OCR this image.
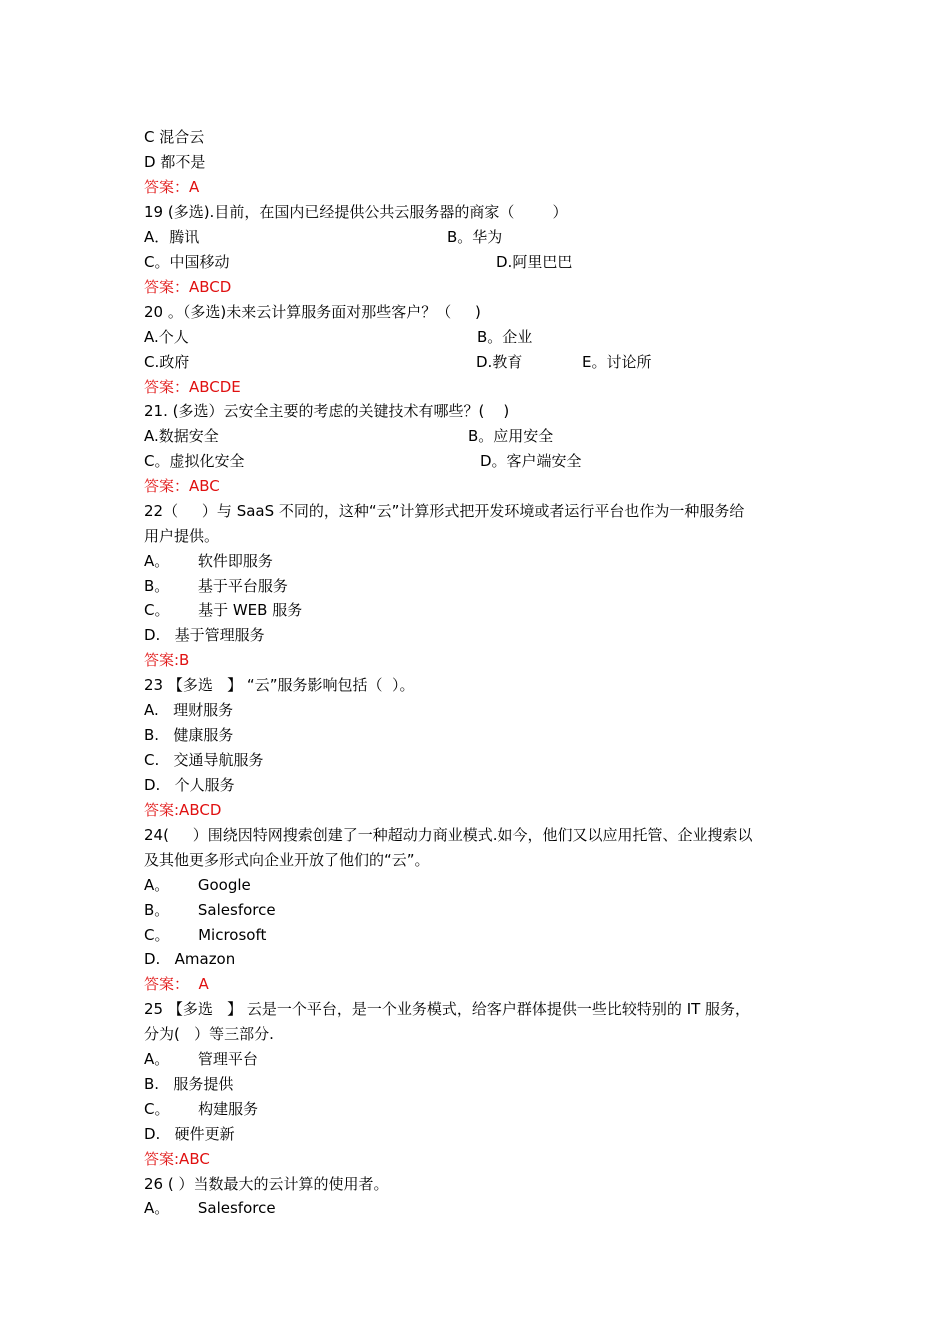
C 混合云
D 都不是
答案：A
19 (多选).目前，在国内已经提供公共云服务器的商家（        ）
A．腾讯	B。华为
C。中国移动	D.阿里巴巴
答案：ABCD
20 。（多选)未来云计算服务面对那些客户？（     )
A.个人	B。企业
C.政府	D.教育	E。讨论所
答案：ABCDE
21. (多选）云安全主要的考虑的关键技术有哪些？(    )
A.数据安全	B。应用安全
C。虚拟化安全	D。客户端安全
答案：ABC
22（     ）与 SaaS 不同的，这种“云”计算形式把开发环境或者运行平台也作为一种服务给
用户提供。
A。      软件即服务
B。      基于平台服务
C。      基于 WEB 服务
D.   基于管理服务
答案:B
23 【多选   】 “云”服务影响包括（  ）。
A.   理财服务
B.   健康服务
C.   交通导航服务
D.   个人服务
答案:ABCD
24(     ）围绕因特网搜索创建了一种超动力商业模式.如今，他们又以应用托管、企业搜索以
及其他更多形式向企业开放了他们的“云”。
A。      Google
B。      Salesforce
C。      Microsoft
D.   Amazon
答案：  A
25 【多选   】 云是一个平台，是一个业务模式，给客户群体提供一些比较特别的 IT 服务，
分为(   ）等三部分.
A。      管理平台
B.   服务提供
C。      构建服务
D.   硬件更新
答案:ABC
26 ( ）当数最大的云计算的使用者。
A。      Salesforce
